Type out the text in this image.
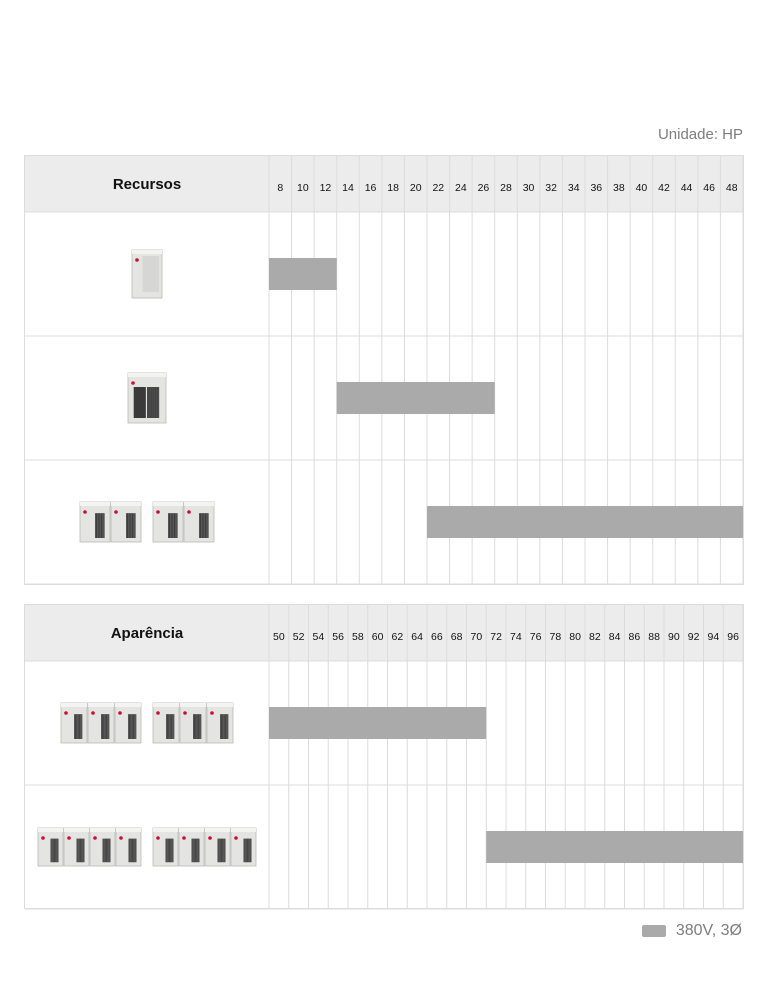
Unidade: HP
8 10 12 14 16 18 20 22 24 26 28 30 32 34 36 38 40 42 44 46 48
Recursos
50 52 54 56 58 60 62 64 66 68 70 72 74 76 78 80 82 84 86 88 90 92 94 96
Aparência
380V, 3Ø
